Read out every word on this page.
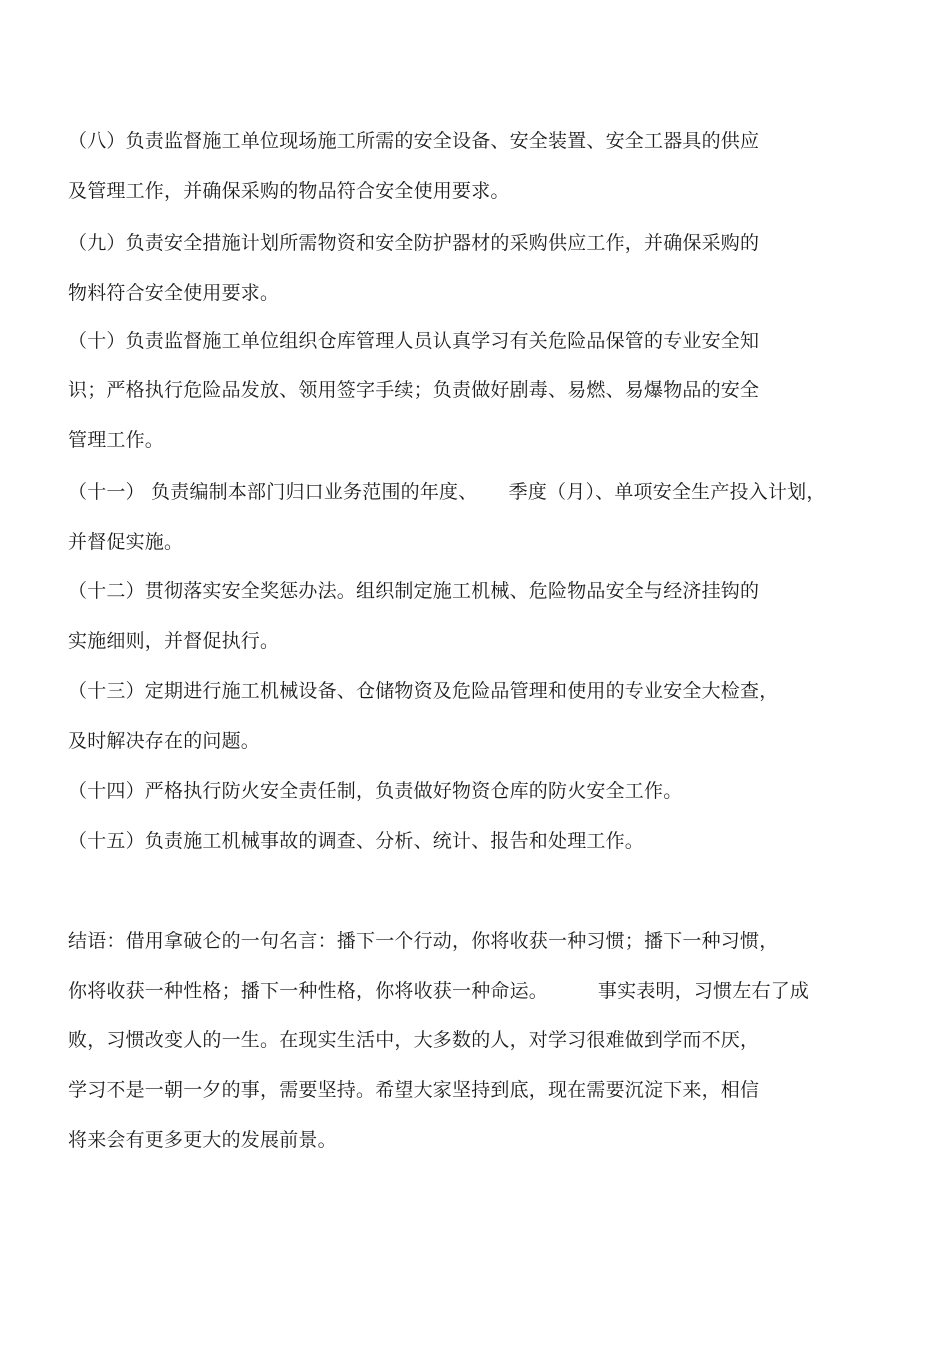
（八）负责监督施工单位现场施工所需的安全设备、安全装置、安全工器具的供应
及管理工作，并确保采购的物品符合安全使用要求。
（九）负责安全措施计划所需物资和安全防护器材的采购供应工作，并确保采购的
物料符合安全使用要求。
（十）负责监督施工单位组织仓库管理人员认真学习有关危险品保管的专业安全知
识；严格执行危险品发放、领用签字手续；负责做好剧毒、易燃、易爆物品的安全
管理工作。
（十一） 负责编制本部门归口业务范围的年度、     季度（月）、单项安全生产投入计划，
并督促实施。
（十二）贯彻落实安全奖惩办法。组织制定施工机械、危险物品安全与经济挂钩的
实施细则，并督促执行。
（十三）定期进行施工机械设备、仓储物资及危险品管理和使用的专业安全大检查，
及时解决存在的问题。
（十四）严格执行防火安全责任制，负责做好物资仓库的防火安全工作。
（十五）负责施工机械事故的调查、分析、统计、报告和处理工作。
结语：借用拿破仑的一句名言：播下一个行动，你将收获一种习惯；播下一种习惯，
你将收获一种性格；播下一种性格，你将收获一种命运。        事实表明，习惯左右了成
败，习惯改变人的一生。在现实生活中，大多数的人，对学习很难做到学而不厌，
学习不是一朝一夕的事，需要坚持。希望大家坚持到底，现在需要沉淀下来，相信
将来会有更多更大的发展前景。
